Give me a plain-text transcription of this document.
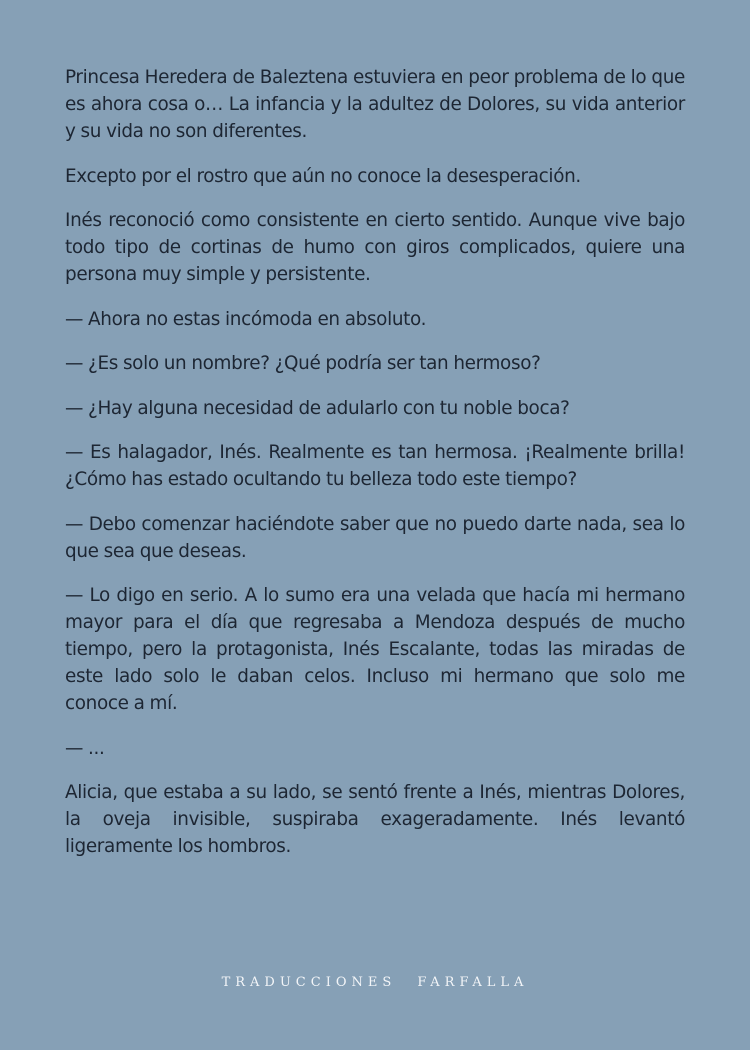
Princesa Heredera de Baleztena estuviera en peor problema de lo que es ahora cosa o… La infancia y la adultez de Dolores, su vida anterior y su vida no son diferentes.

Excepto por el rostro que aún no conoce la desesperación.

Inés reconoció como consistente en cierto sentido. Aunque vive bajo todo tipo de cortinas de humo con giros complicados, quiere una persona muy simple y persistente.

— Ahora no estas incómoda en absoluto.

— ¿Es solo un nombre? ¿Qué podría ser tan hermoso?

— ¿Hay alguna necesidad de adularlo con tu noble boca?

— Es halagador, Inés. Realmente es tan hermosa. ¡Realmente brilla! ¿Cómo has estado ocultando tu belleza todo este tiempo?

— Debo comenzar haciéndote saber que no puedo darte nada, sea lo que sea que deseas.

— Lo digo en serio. A lo sumo era una velada que hacía mi hermano mayor para el día que regresaba a Mendoza después de mucho tiempo, pero la protagonista, Inés Escalante, todas las miradas de este lado solo le daban celos. Incluso mi hermano que solo me conoce a mí.

— ...

Alicia, que estaba a su lado, se sentó frente a Inés, mientras Dolores, la oveja invisible, suspiraba exageradamente. Inés levantó ligeramente los hombros.

TRADUCCIONES FARFALLA
